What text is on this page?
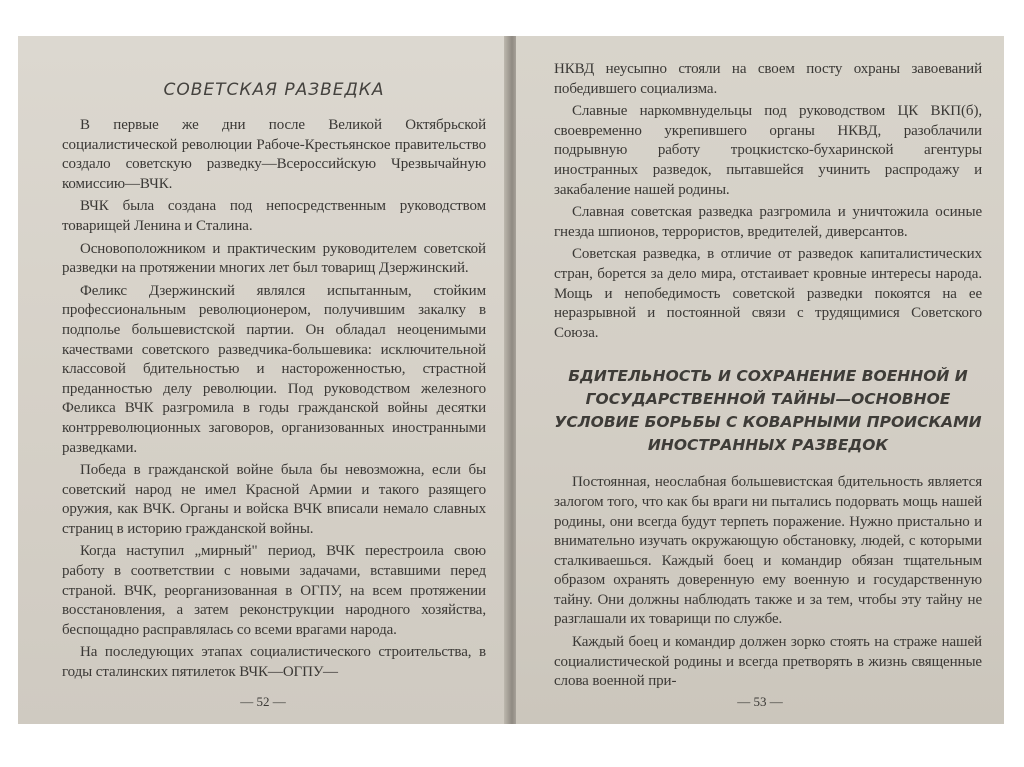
СОВЕТСКАЯ РАЗВЕДКА

В первые же дни после Великой Октябрьской социалистической революции Рабоче-Крестьянское правительство создало советскую разведку—Всероссийскую Чрезвычайную комиссию—ВЧК.

ВЧК была создана под непосредственным руководством товарищей Ленина и Сталина.

Основоположником и практическим руководителем советской разведки на протяжении многих лет был товарищ Дзержинский.

Феликс Дзержинский являлся испытанным, стойким профессиональным революционером, получившим закалку в подполье большевистской партии. Он обладал неоценимыми качествами советского разведчика-большевика: исключительной классовой бдительностью и настороженностью, страстной преданностью делу революции. Под руководством железного Феликса ВЧК разгромила в годы гражданской войны десятки контрреволюционных заговоров, организованных иностранными разведками.

Победа в гражданской войне была бы невозможна, если бы советский народ не имел Красной Армии и такого разящего оружия, как ВЧК. Органы и войска ВЧК вписали немало славных страниц в историю гражданской войны.

Когда наступил „мирный" период, ВЧК перестроила свою работу в соответствии с новыми задачами, вставшими перед страной. ВЧК, реорганизованная в ОГПУ, на всем протяжении восстановления, а затем реконструкции народного хозяйства, беспощадно расправлялась со всеми врагами народа.

На последующих этапах социалистического строительства, в годы сталинских пятилеток ВЧК—ОГПУ—

— 52 —

НКВД неусыпно стояли на своем посту охраны завоеваний победившего социализма.

Славные наркомвнудельцы под руководством ЦК ВКП(б), своевременно укрепившего органы НКВД, разоблачили подрывную работу троцкистско-бухаринской агентуры иностранных разведок, пытавшейся учинить распродажу и закабаление нашей родины.

Славная советская разведка разгромила и уничтожила осиные гнезда шпионов, террористов, вредителей, диверсантов.

Советская разведка, в отличие от разведок капиталистических стран, борется за дело мира, отстаивает кровные интересы народа. Мощь и непобедимость советской разведки покоятся на ее неразрывной и постоянной связи с трудящимися Советского Союза.

БДИТЕЛЬНОСТЬ И СОХРАНЕНИЕ ВОЕННОЙ И ГОСУДАРСТВЕННОЙ ТАЙНЫ—ОСНОВНОЕ УСЛОВИЕ БОРЬБЫ С КОВАРНЫМИ ПРОИСКАМИ ИНОСТРАННЫХ РАЗВЕДОК

Постоянная, неослабная большевистская бдительность является залогом того, что как бы враги ни пытались подорвать мощь нашей родины, они всегда будут терпеть поражение. Нужно пристально и внимательно изучать окружающую обстановку, людей, с которыми сталкиваешься. Каждый боец и командир обязан тщательным образом охранять доверенную ему военную и государственную тайну. Они должны наблюдать также и за тем, чтобы эту тайну не разглашали их товарищи по службе.

Каждый боец и командир должен зорко стоять на страже нашей социалистической родины и всегда претворять в жизнь священные слова военной при-

— 53 —
